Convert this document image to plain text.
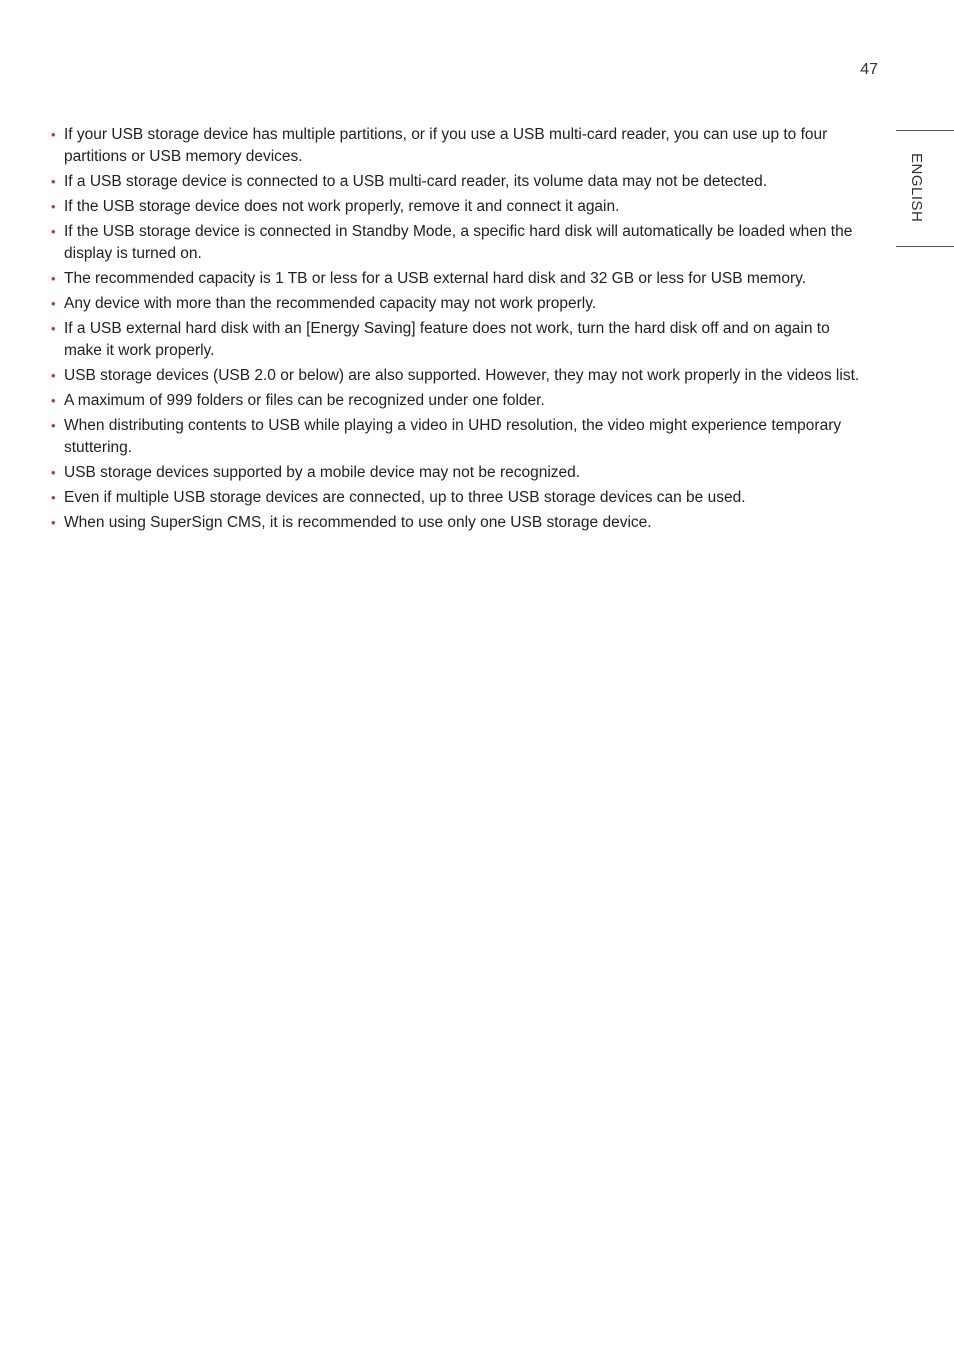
47
ENGLISH
• If your USB storage device has multiple partitions, or if you use a USB multi-card reader, you can use up to four partitions or USB memory devices.
• If a USB storage device is connected to a USB multi-card reader, its volume data may not be detected.
• If the USB storage device does not work properly, remove it and connect it again.
• If the USB storage device is connected in Standby Mode, a specific hard disk will automatically be loaded when the display is turned on.
• The recommended capacity is 1 TB or less for a USB external hard disk and 32 GB or less for USB memory.
• Any device with more than the recommended capacity may not work properly.
• If a USB external hard disk with an [Energy Saving] feature does not work, turn the hard disk off and on again to make it work properly.
• USB storage devices (USB 2.0 or below) are also supported. However, they may not work properly in the videos list.
• A maximum of 999 folders or files can be recognized under one folder.
• When distributing contents to USB while playing a video in UHD resolution, the video might experience temporary stuttering.
• USB storage devices supported by a mobile device may not be recognized.
• Even if multiple USB storage devices are connected, up to three USB storage devices can be used.
• When using SuperSign CMS, it is recommended to use only one USB storage device.
